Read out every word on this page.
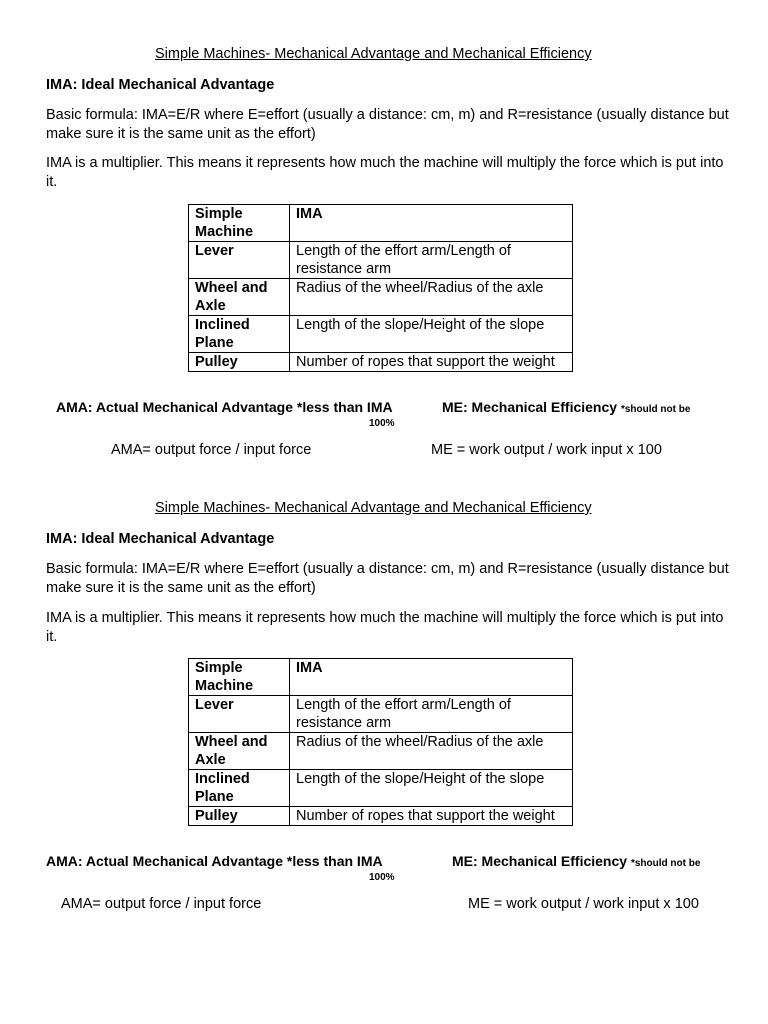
Simple Machines- Mechanical Advantage and Mechanical Efficiency
IMA: Ideal Mechanical Advantage
Basic formula: IMA=E/R where E=effort (usually a distance: cm, m) and R=resistance (usually distance but make sure it is the same unit as the effort)
IMA is a multiplier. This means it represents how much the machine will multiply the force which is put into it.
Simple Machine	IMA
Lever	Length of the effort arm/Length of resistance arm
Wheel and Axle	Radius of the wheel/Radius of the axle
Inclined Plane	Length of the slope/Height of the slope
Pulley	Number of ropes that support the weight
AMA: Actual Mechanical Advantage *less than IMA
100%
ME: Mechanical Efficiency *should not be
AMA= output force / input force	ME = work output / work input x 100
Simple Machines- Mechanical Advantage and Mechanical Efficiency
IMA: Ideal Mechanical Advantage
Basic formula: IMA=E/R where E=effort (usually a distance: cm, m) and R=resistance (usually distance but make sure it is the same unit as the effort)
IMA is a multiplier. This means it represents how much the machine will multiply the force which is put into it.
Simple Machine	IMA
Lever	Length of the effort arm/Length of resistance arm
Wheel and Axle	Radius of the wheel/Radius of the axle
Inclined Plane	Length of the slope/Height of the slope
Pulley	Number of ropes that support the weight
AMA: Actual Mechanical Advantage *less than IMA
100%
ME: Mechanical Efficiency *should not be
AMA= output force / input force	ME = work output / work input x 100
